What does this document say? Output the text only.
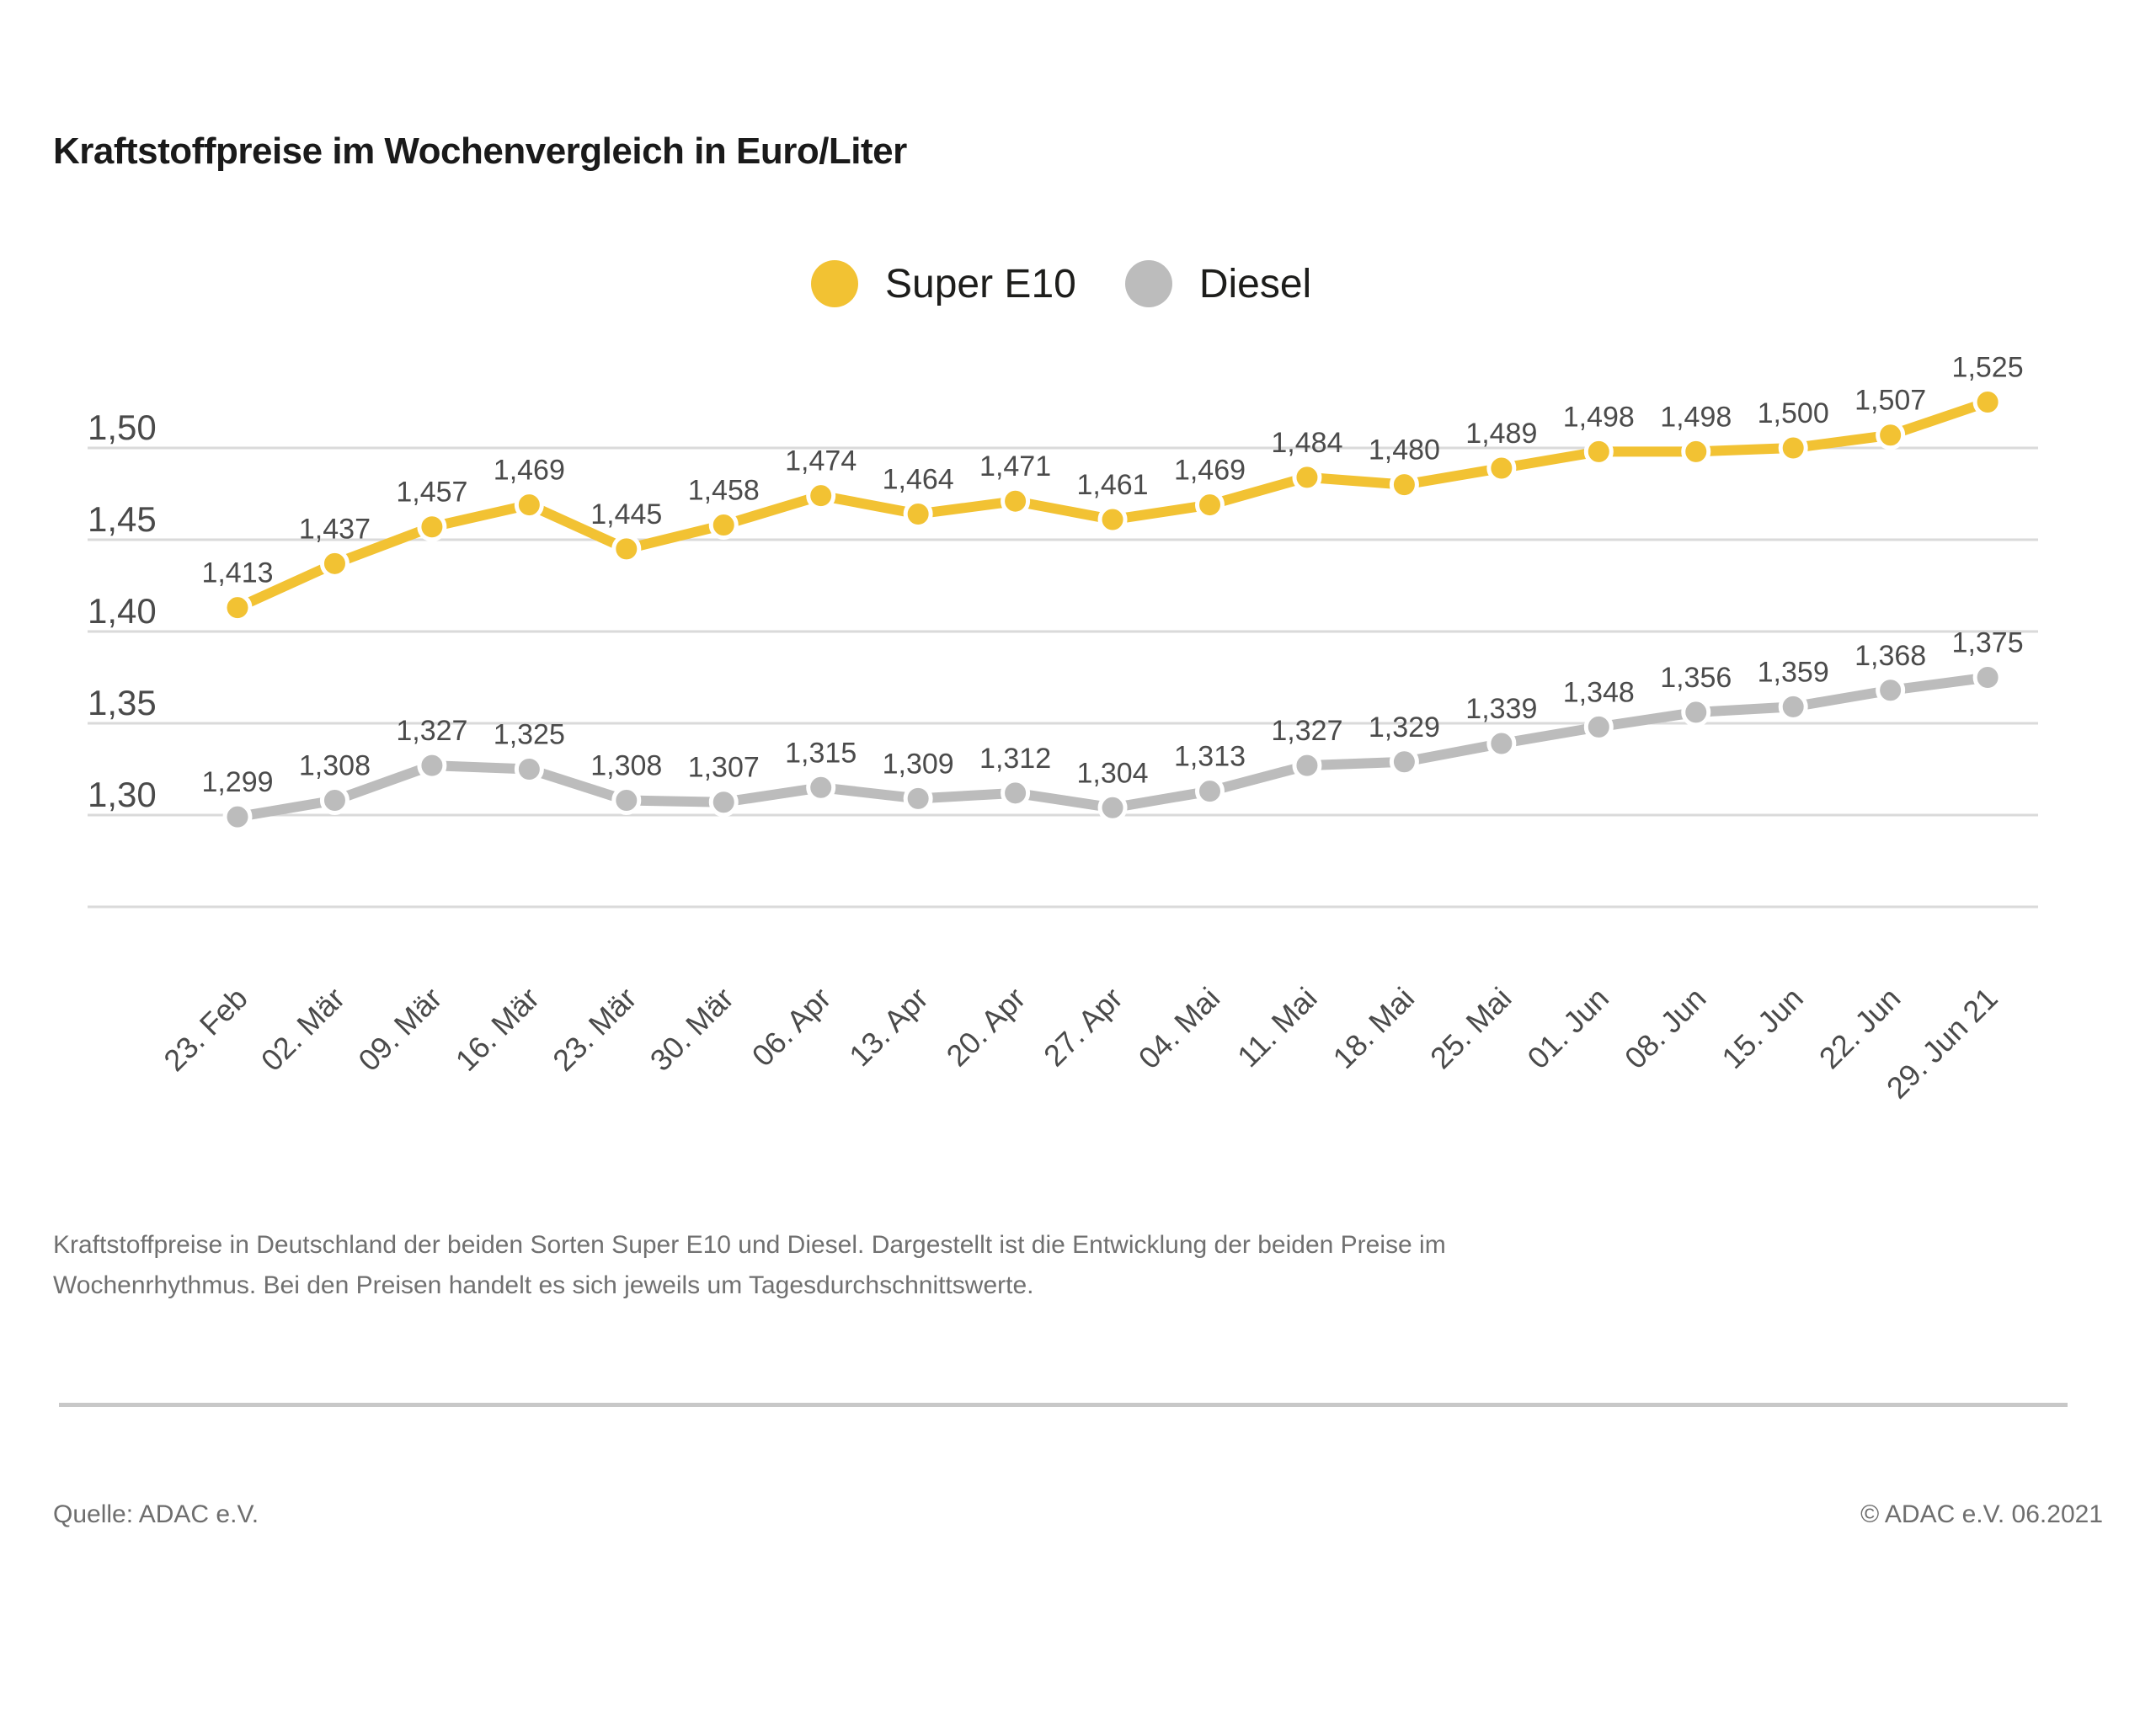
Kraftstoffpreise im Wochenvergleich in Euro/Liter
Super E10	Diesel
1,50
1,45
1,40
1,35
1,30
23. Feb 02. Mär 09. Mär 16. Mär 23. Mär 30. Mär 06. Apr 13. Apr 20. Apr 27. Apr 04. Mai 11. Mai 18. Mai 25. Mai 01. Jun 08. Jun 15. Jun 22. Jun
29. Jun 21
1,413
1,437
1,457
1,469
1,445
1,458
1,474
1,464 1,471
1,461 1,469
1,484 1,480
1,489
1,498 1,498 1,500 1,507
1,525
1,299
1,308
1,327 1,325
1,308 1,307 1,315 1,309 1,312 1,304
1,313
1,327 1,329
1,339
1,348 1,356 1,359
1,368 1,375
Kraftstoffpreise in Deutschland der beiden Sorten Super E10 und Diesel. Dargestellt ist die Entwicklung der beiden Preise im
Wochenrhythmus. Bei den Preisen handelt es sich jeweils um Tagesdurchschnittswerte.
Quelle: ADAC e.V.	© ADAC e.V. 06.2021
